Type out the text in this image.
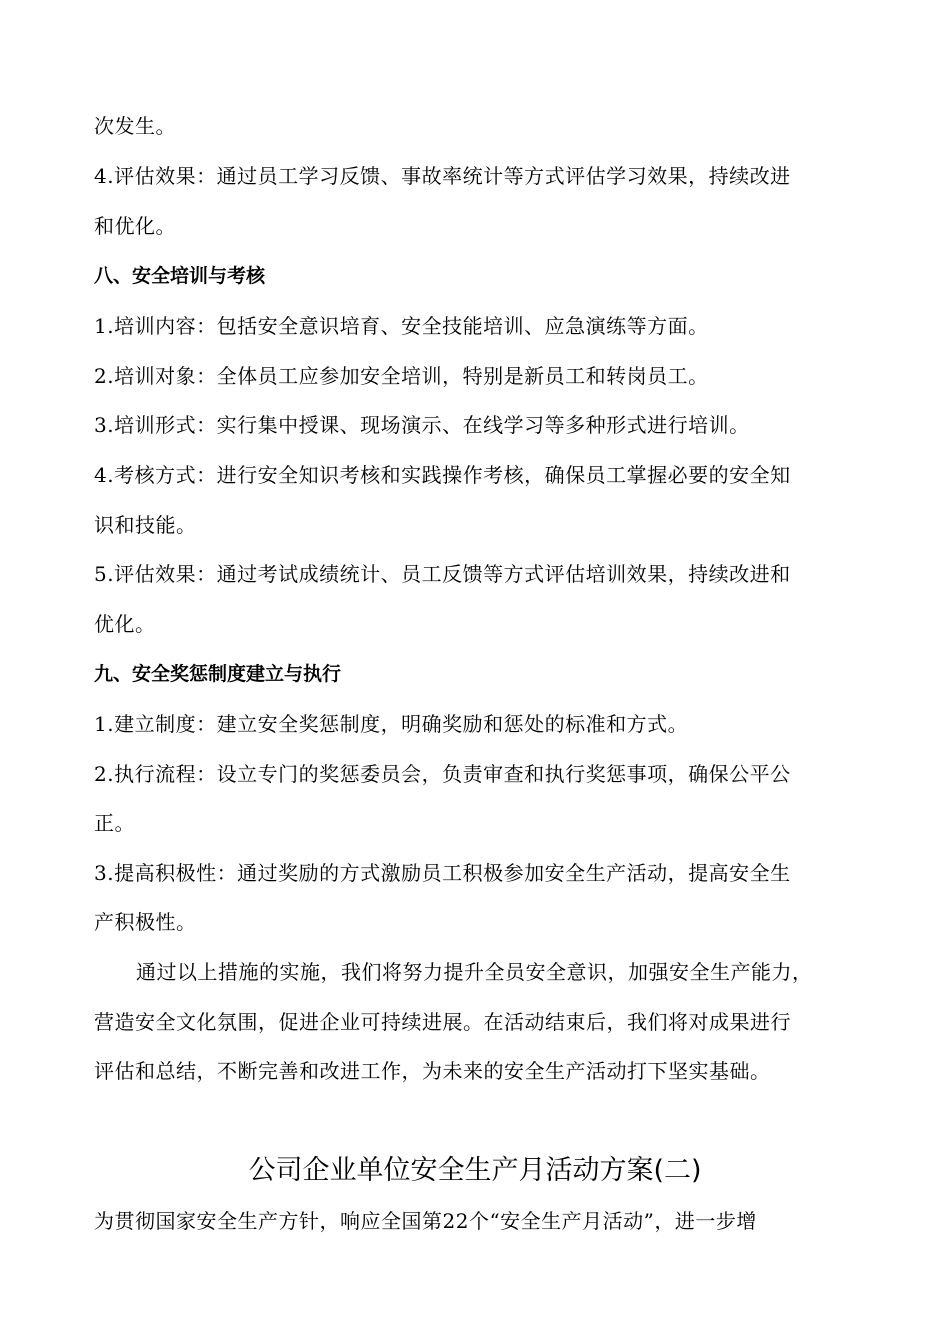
次发生。
4.评估效果：通过员工学习反馈、事故率统计等方式评估学习效果，持续改进
和优化。
八、安全培训与考核
1.培训内容：包括安全意识培育、安全技能培训、应急演练等方面。
2.培训对象：全体员工应参加安全培训，特别是新员工和转岗员工。
3.培训形式：实行集中授课、现场演示、在线学习等多种形式进行培训。
4.考核方式：进行安全知识考核和实践操作考核，确保员工掌握必要的安全知
识和技能。
5.评估效果：通过考试成绩统计、员工反馈等方式评估培训效果，持续改进和
优化。
九、安全奖惩制度建立与执行
1.建立制度：建立安全奖惩制度，明确奖励和惩处的标准和方式。
2.执行流程：设立专门的奖惩委员会，负责审查和执行奖惩事项，确保公平公
正。
3.提高积极性：通过奖励的方式激励员工积极参加安全生产活动，提高安全生
产积极性。
通过以上措施的实施，我们将努力提升全员安全意识，加强安全生产能力，
营造安全文化氛围，促进企业可持续进展。在活动结束后，我们将对成果进行
评估和总结，不断完善和改进工作，为未来的安全生产活动打下坚实基础。
公司企业单位安全生产月活动方案(二)
为贯彻国家安全生产方针，响应全国第22个“安全生产月活动”，进一步增
